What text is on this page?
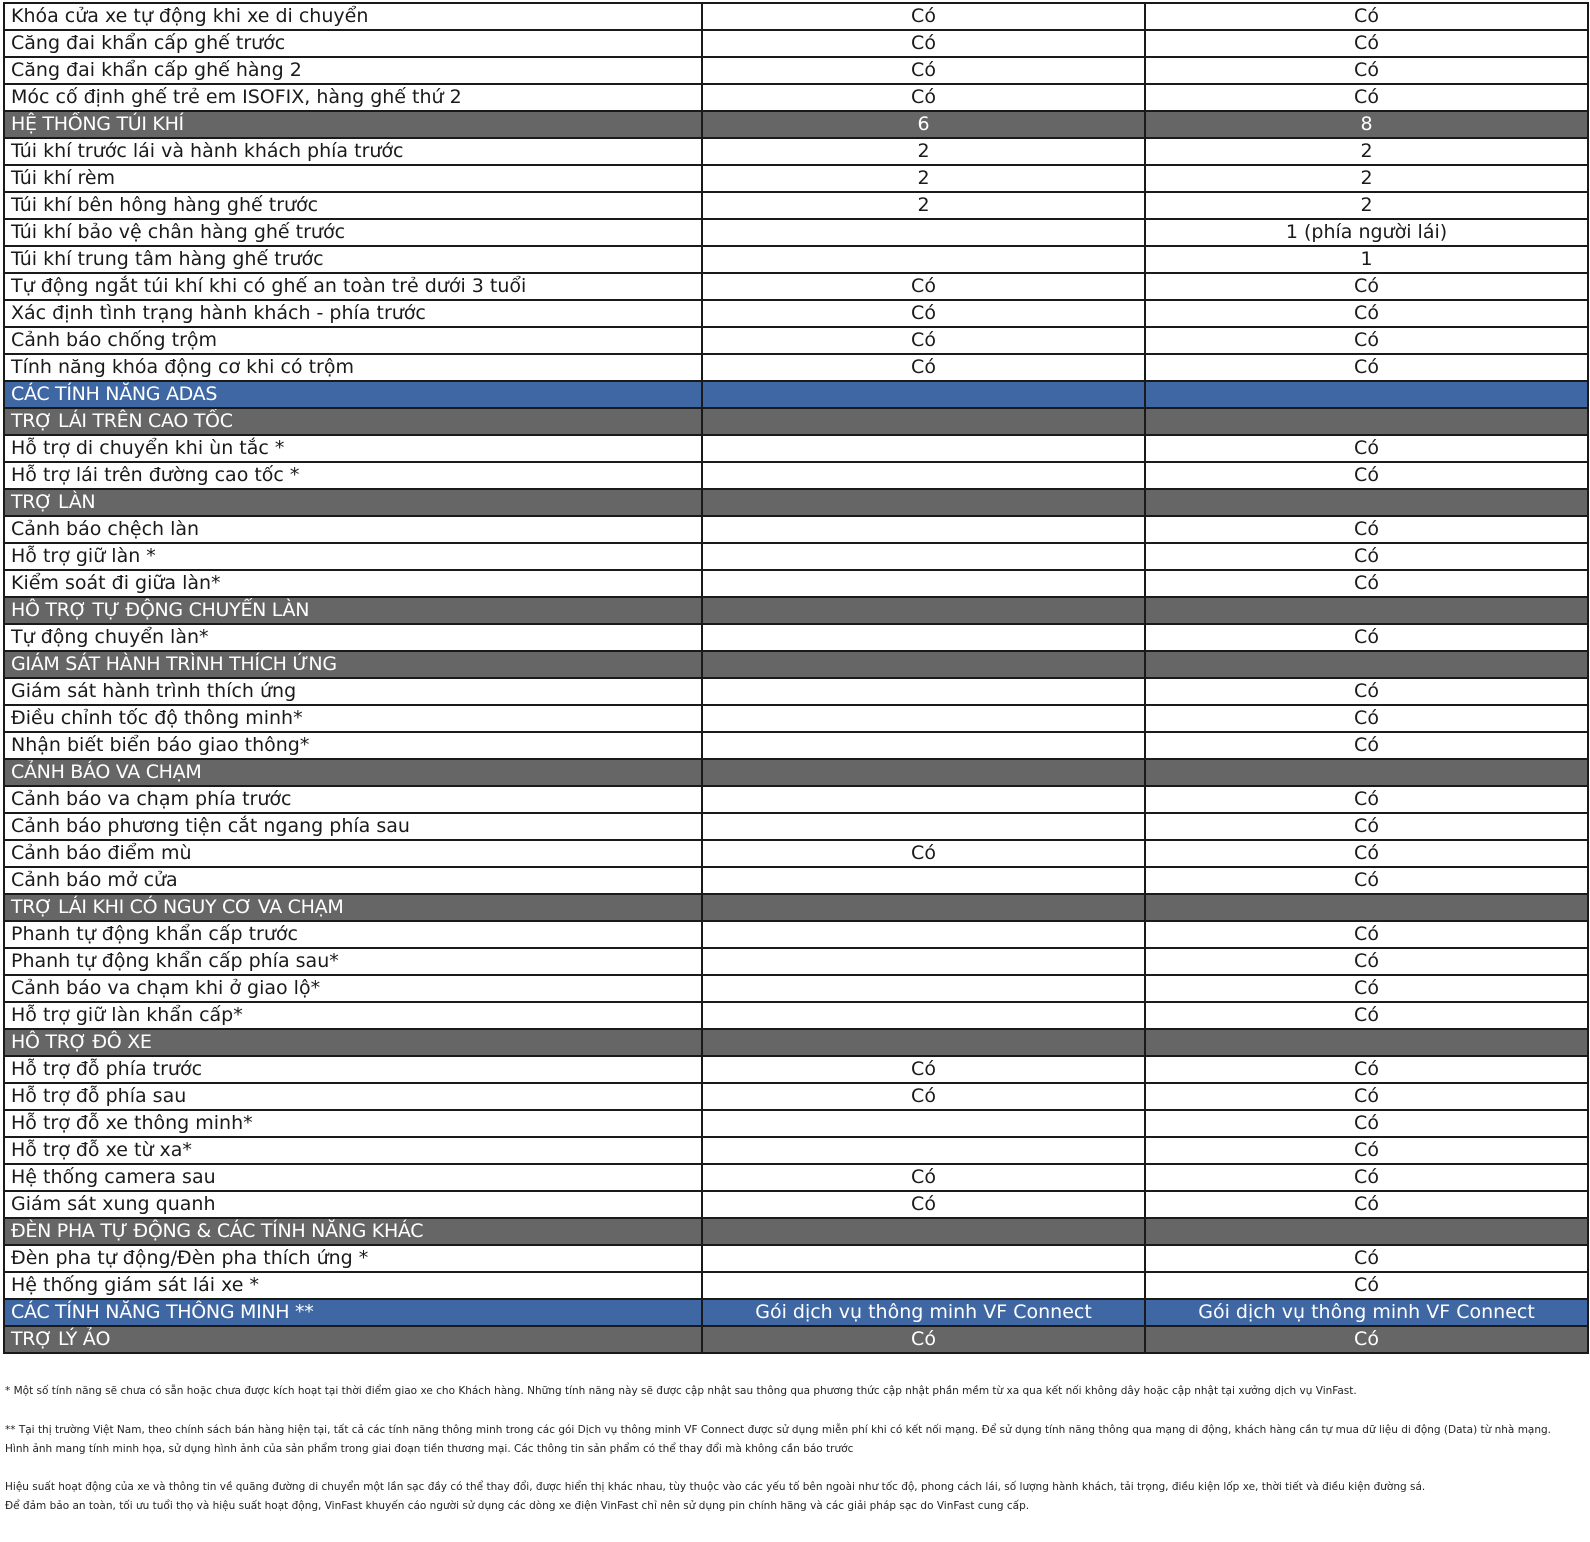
Khóa cửa xe tự động khi xe di chuyển	Có	Có
Căng đai khẩn cấp ghế trước	Có	Có
Căng đai khẩn cấp ghế hàng 2	Có	Có
Móc cố định ghế trẻ em ISOFIX, hàng ghế thứ 2	Có	Có
HỆ THỐNG TÚI KHÍ	6	8
Túi khí trước lái và hành khách phía trước	2	2
Túi khí rèm	2	2
Túi khí bên hông hàng ghế trước	2	2
Túi khí bảo vệ chân hàng ghế trước		1 (phía người lái)
Túi khí trung tâm hàng ghế trước		1
Tự động ngắt túi khí khi có ghế an toàn trẻ dưới 3 tuổi	Có	Có
Xác định tình trạng hành khách - phía trước	Có	Có
Cảnh báo chống trộm	Có	Có
Tính năng khóa động cơ khi có trộm	Có	Có
CÁC TÍNH NĂNG ADAS		
TRỢ LÁI TRÊN CAO TỐC		
Hỗ trợ di chuyển khi ùn tắc *		Có
Hỗ trợ lái trên đường cao tốc *		Có
TRỢ LÀN		
Cảnh báo chệch làn		Có
Hỗ trợ giữ làn *		Có
Kiểm soát đi giữa làn*		Có
HỖ TRỢ TỰ ĐỘNG CHUYỂN LÀN		
Tự động chuyển làn*		Có
GIÁM SÁT HÀNH TRÌNH THÍCH ỨNG		
Giám sát hành trình thích ứng		Có
Điều chỉnh tốc độ thông minh*		Có
Nhận biết biển báo giao thông*		Có
CẢNH BÁO VA CHẠM		
Cảnh báo va chạm phía trước		Có
Cảnh báo phương tiện cắt ngang phía sau		Có
Cảnh báo điểm mù	Có	Có
Cảnh báo mở cửa		Có
TRỢ LÁI KHI CÓ NGUY CƠ VA CHẠM		
Phanh tự động khẩn cấp trước		Có
Phanh tự động khẩn cấp phía sau*		Có
Cảnh báo va chạm khi ở giao lộ*		Có
Hỗ trợ giữ làn khẩn cấp*		Có
HỖ TRỢ ĐỖ XE		
Hỗ trợ đỗ phía trước	Có	Có
Hỗ trợ đỗ phía sau	Có	Có
Hỗ trợ đỗ xe thông minh*		Có
Hỗ trợ đỗ xe từ xa*		Có
Hệ thống camera sau	Có	Có
Giám sát xung quanh	Có	Có
ĐÈN PHA TỰ ĐỘNG & CÁC TÍNH NĂNG KHÁC		
Đèn pha tự động/Đèn pha thích ứng *		Có
Hệ thống giám sát lái xe *		Có
CÁC TÍNH NĂNG THÔNG MINH **	Gói dịch vụ thông minh VF Connect	Gói dịch vụ thông minh VF Connect
TRỢ LÝ ẢO	Có	Có
* Một số tính năng sẽ chưa có sẵn hoặc chưa được kích hoạt tại thời điểm giao xe cho Khách hàng. Những tính năng này sẽ được cập nhật sau thông qua phương thức cập nhật phần mềm từ xa qua kết nối không dây hoặc cập nhật tại xưởng dịch vụ VinFast.
** Tại thị trường Việt Nam, theo chính sách bán hàng hiện tại, tất cả các tính năng thông minh trong các gói Dịch vụ thông minh VF Connect được sử dụng miễn phí khi có kết nối mạng. Để sử dụng tính năng thông qua mạng di động, khách hàng cần tự mua dữ liệu di động (Data) từ nhà mạng.
Hình ảnh mang tính minh họa, sử dụng hình ảnh của sản phẩm trong giai đoạn tiền thương mại. Các thông tin sản phẩm có thể thay đổi mà không cần báo trước
Hiệu suất hoạt động của xe và thông tin về quãng đường di chuyển một lần sạc đầy có thể thay đổi, được hiển thị khác nhau, tùy thuộc vào các yếu tố bên ngoài như tốc độ, phong cách lái, số lượng hành khách, tải trọng, điều kiện lốp xe, thời tiết và điều kiện đường sá.
Để đảm bảo an toàn, tối ưu tuổi thọ và hiệu suất hoạt động, VinFast khuyến cáo người sử dụng các dòng xe điện VinFast chỉ nên sử dụng pin chính hãng và các giải pháp sạc do VinFast cung cấp.
